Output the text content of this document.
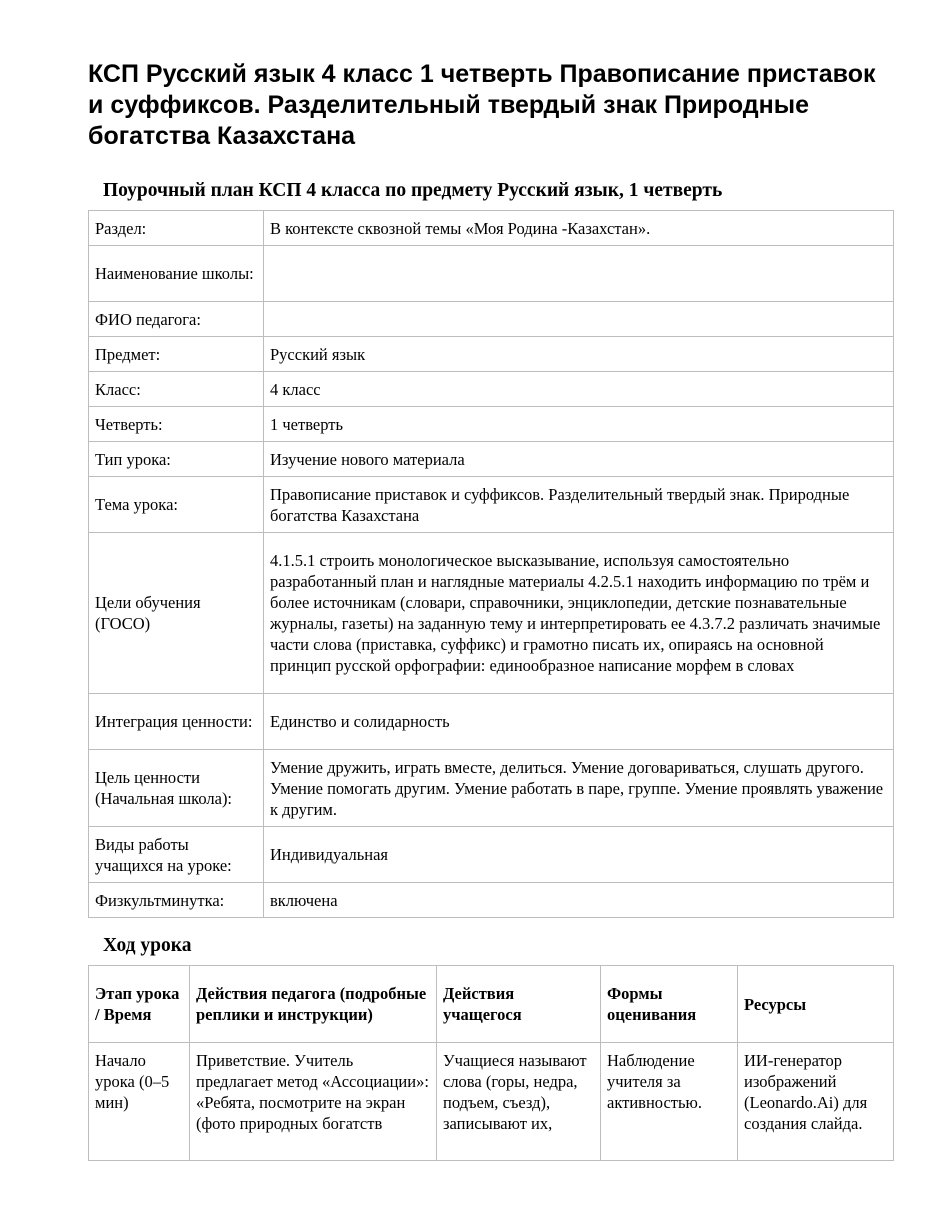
КСП Русский язык 4 класс 1 четверть Правописание приставок и суффиксов. Разделительный твердый знак Природные богатства Казахстана
Поурочный план КСП 4 класса по предмету Русский язык, 1 четверть
Раздел:	В контексте сквозной темы «Моя Родина -Казахстан».
Наименование школы:	
ФИО педагога:	
Предмет:	Русский язык
Класс:	4 класс
Четверть:	1 четверть
Тип урока:	Изучение нового материала
Тема урока:	Правописание приставок и суффиксов. Разделительный твердый знак. Природные богатства Казахстана
Цели обучения (ГОСО)	4.1.5.1 строить монологическое высказывание, используя самостоятельно разработанный план и наглядные материалы 4.2.5.1 находить информацию по трём и более источникам (словари, справочники, энциклопедии, детские познавательные журналы, газеты) на заданную тему и интерпретировать ее 4.3.7.2 различать значимые части слова (приставка, суффикс) и грамотно писать их, опираясь на основной принцип русской орфографии: единообразное написание морфем в словах
Интеграция ценности:	Единство и солидарность
Цель ценности (Начальная школа):	Умение дружить, играть вместе, делиться. Умение договариваться, слушать другого. Умение помогать другим. Умение работать в паре, группе. Умение проявлять уважение к другим.
Виды работы учащихся на уроке:	Индивидуальная
Физкультминутка:	включена
Ход урока
Этап урока / Время	Действия педагога (подробные реплики и инструкции)	Действия учащегося	Формы оценивания	Ресурсы
Начало урока (0–5 мин)	Приветствие. Учитель предлагает метод «Ассоциации»: «Ребята, посмотрите на экран (фото природных богатств	Учащиеся называют слова (горы, недра, подъем, съезд), записывают их,	Наблюдение учителя за активностью.	ИИ-генератор изображений (Leonardo.Ai) для создания слайда.
